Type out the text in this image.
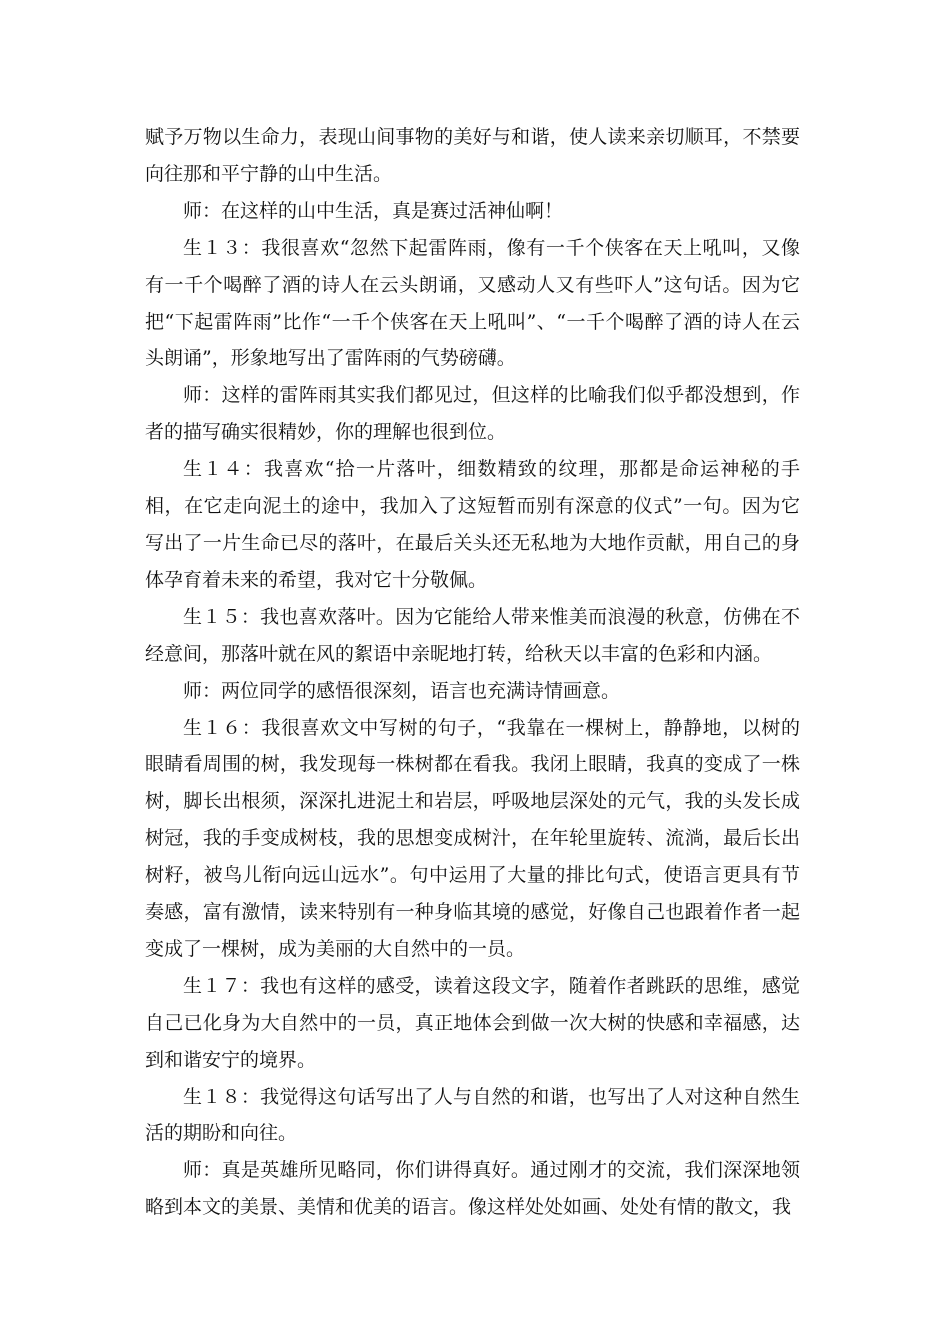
赋予万物以生命力，表现山间事物的美好与和谐，使人读来亲切顺耳，不禁要向往那和平宁静的山中生活。

师：在这样的山中生活，真是赛过活神仙啊！

生１３：我很喜欢“忽然下起雷阵雨，像有一千个侠客在天上吼叫，又像有一千个喝醉了酒的诗人在云头朗诵，又感动人又有些吓人”这句话。因为它把“下起雷阵雨”比作“一千个侠客在天上吼叫”、“一千个喝醉了酒的诗人在云头朗诵”，形象地写出了雷阵雨的气势磅礴。

师：这样的雷阵雨其实我们都见过，但这样的比喻我们似乎都没想到，作者的描写确实很精妙，你的理解也很到位。

生１４：我喜欢“拾一片落叶，细数精致的纹理，那都是命运神秘的手相，在它走向泥土的途中，我加入了这短暂而别有深意的仪式”一句。因为它写出了一片生命已尽的落叶，在最后关头还无私地为大地作贡献，用自己的身体孕育着未来的希望，我对它十分敬佩。

生１５：我也喜欢落叶。因为它能给人带来惟美而浪漫的秋意，仿佛在不经意间，那落叶就在风的絮语中亲昵地打转，给秋天以丰富的色彩和内涵。

师：两位同学的感悟很深刻，语言也充满诗情画意。

生１６：我很喜欢文中写树的句子，“我靠在一棵树上，静静地，以树的眼睛看周围的树，我发现每一株树都在看我。我闭上眼睛，我真的变成了一株树，脚长出根须，深深扎进泥土和岩层，呼吸地层深处的元气，我的头发长成树冠，我的手变成树枝，我的思想变成树汁，在年轮里旋转、流淌，最后长出树籽，被鸟儿衔向远山远水”。句中运用了大量的排比句式，使语言更具有节奏感，富有激情，读来特别有一种身临其境的感觉，好像自己也跟着作者一起变成了一棵树，成为美丽的大自然中的一员。

生１７：我也有这样的感受，读着这段文字，随着作者跳跃的思维，感觉自己已化身为大自然中的一员，真正地体会到做一次大树的快感和幸福感，达到和谐安宁的境界。

生１８：我觉得这句话写出了人与自然的和谐，也写出了人对这种自然生活的期盼和向往。

师：真是英雄所见略同，你们讲得真好。通过刚才的交流，我们深深地领略到本文的美景、美情和优美的语言。像这样处处如画、处处有情的散文，我
